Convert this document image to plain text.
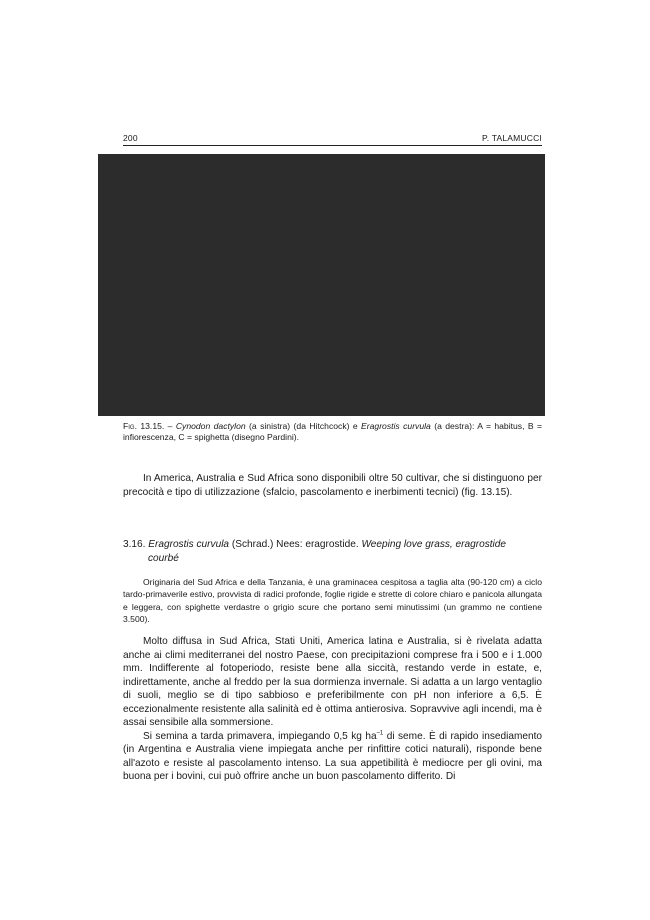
200	P. TALAMUCCI
Fig. 13.15. – Cynodon dactylon (a sinistra) (da Hitchcock) e Eragrostis curvula (a destra): A = habitus, B = infiorescenza, C = spighetta (disegno Pardini).
In America, Australia e Sud Africa sono disponibili oltre 50 cultivar, che si distinguono per precocità e tipo di utilizzazione (sfalcio, pascolamento e inerbimenti tecnici) (fig. 13.15).
3.16. Eragrostis curvula (Schrad.) Nees: eragrostide. Weeping love grass, eragrostide
courbé
Originaria del Sud Africa e della Tanzania, è una graminacea cespitosa a taglia alta (90-120 cm) a ciclo tardo-primaverile estivo, provvista di radici profonde, foglie rigide e strette di colore chiaro e panicola allungata e leggera, con spighette verdastre o grigio scure che portano semi minutissimi (un grammo ne contiene 3.500).

Molto diffusa in Sud Africa, Stati Uniti, America latina e Australia, si è rivelata adatta anche ai climi mediterranei del nostro Paese, con precipitazioni comprese fra i 500 e i 1.000 mm. Indifferente al fotoperiodo, resiste bene alla siccità, restando verde in estate, e, indirettamente, anche al freddo per la sua dormienza invernale. Si adatta a un largo ventaglio di suoli, meglio se di tipo sabbioso e preferibilmente con pH non inferiore a 6,5. È eccezionalmente resistente alla salinità ed è ottima antierosiva. Sopravvive agli incendi, ma è assai sensibile alla sommersione.

Si semina a tarda primavera, impiegando 0,5 kg $ha^{-1}$ di seme. È di rapido insediamento (in Argentina e Australia viene impiegata anche per rinfittire cotici naturali), risponde bene all'azoto e resiste al pascolamento intenso. La sua appetibilità è mediocre per gli ovini, ma buona per i bovini, cui può offrire anche un buon pascolamento differito. Di
